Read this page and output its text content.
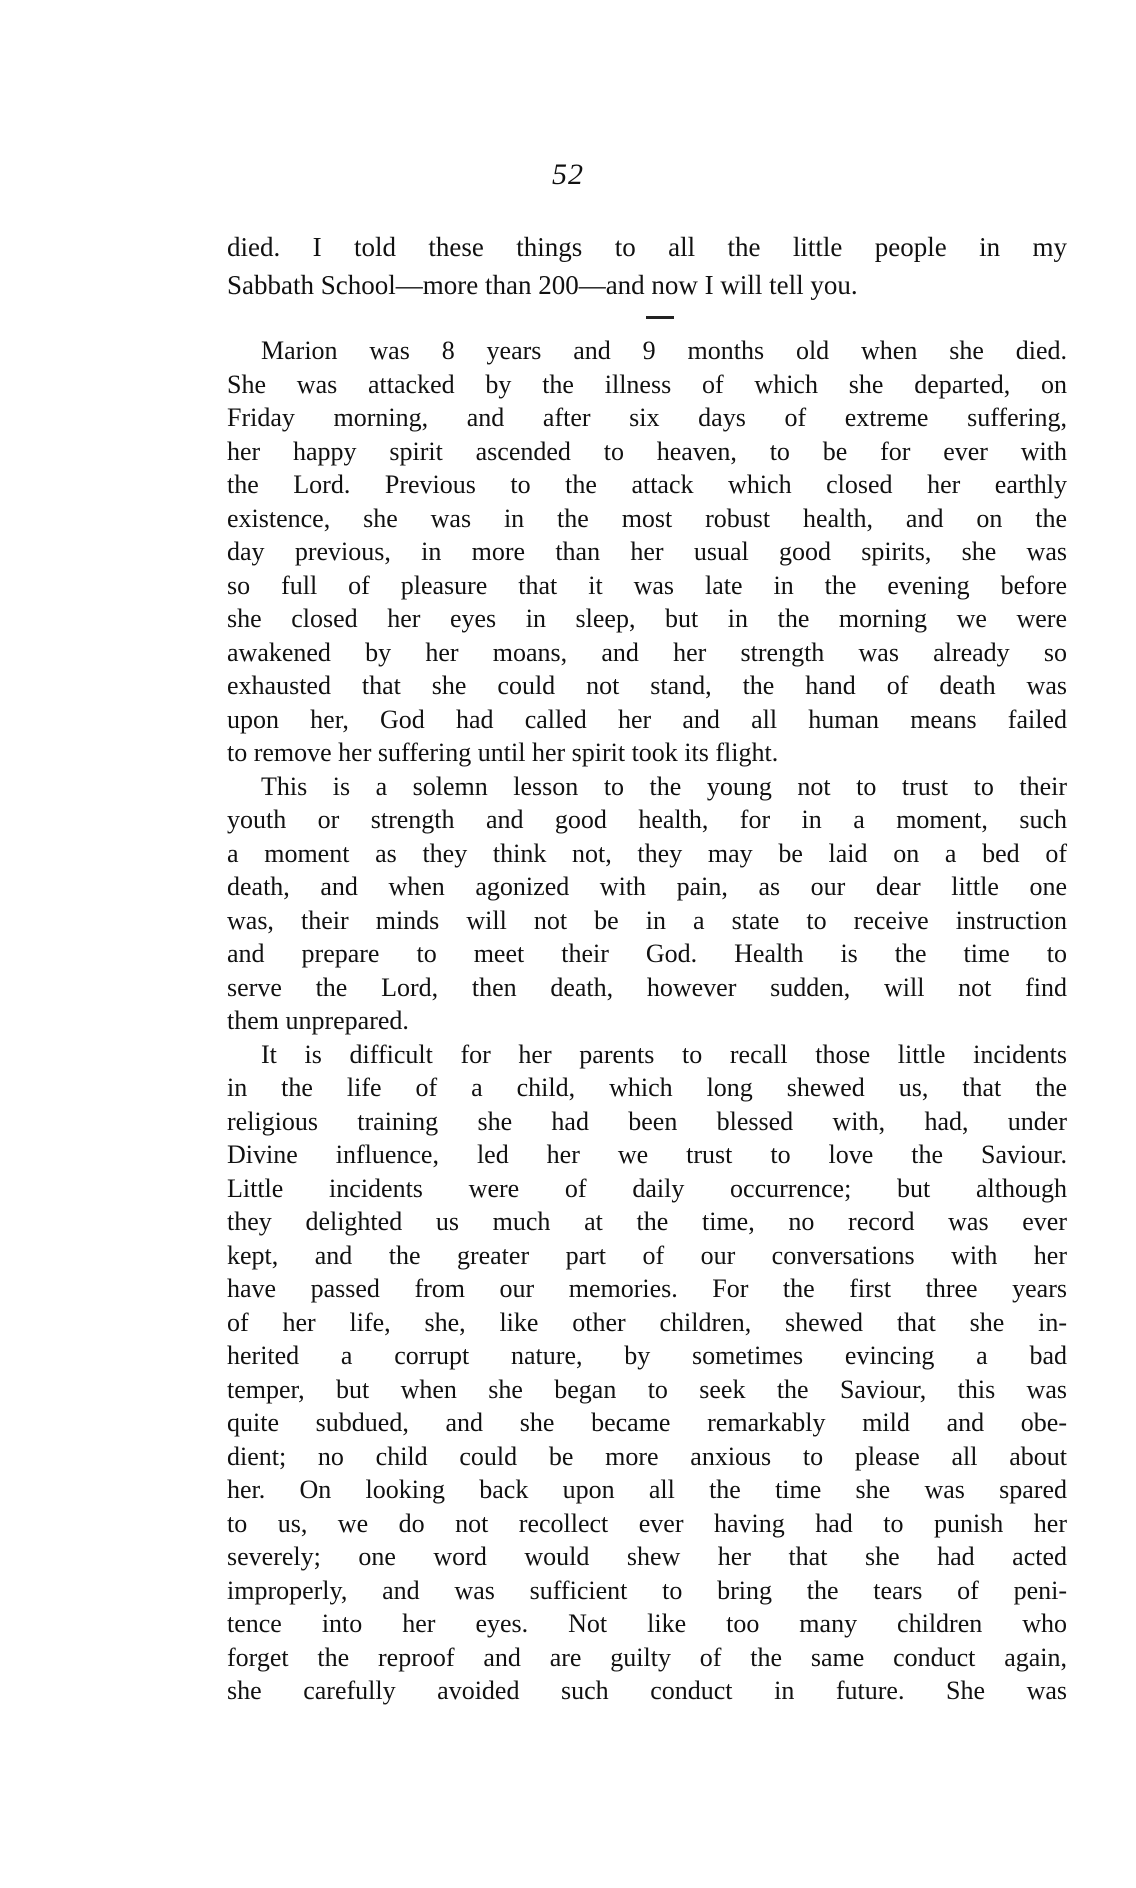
52
died. I told these things to all the little people in my
Sabbath School—more than 200—and now I will tell you.
Marion was 8 years and 9 months old when she died.
She was attacked by the illness of which she departed, on
Friday morning, and after six days of extreme suffering,
her happy spirit ascended to heaven, to be for ever with
the Lord. Previous to the attack which closed her earthly
existence, she was in the most robust health, and on the
day previous, in more than her usual good spirits, she was
so full of pleasure that it was late in the evening before
she closed her eyes in sleep, but in the morning we were
awakened by her moans, and her strength was already so
exhausted that she could not stand, the hand of death was
upon her, God had called her and all human means failed
to remove her suffering until her spirit took its flight.
This is a solemn lesson to the young not to trust to their
youth or strength and good health, for in a moment, such
a moment as they think not, they may be laid on a bed of
death, and when agonized with pain, as our dear little one
was, their minds will not be in a state to receive instruction
and prepare to meet their God. Health is the time to
serve the Lord, then death, however sudden, will not find
them unprepared.
It is difficult for her parents to recall those little incidents
in the life of a child, which long shewed us, that the
religious training she had been blessed with, had, under
Divine influence, led her we trust to love the Saviour.
Little incidents were of daily occurrence; but although
they delighted us much at the time, no record was ever
kept, and the greater part of our conversations with her
have passed from our memories. For the first three years
of her life, she, like other children, shewed that she in-
herited a corrupt nature, by sometimes evincing a bad
temper, but when she began to seek the Saviour, this was
quite subdued, and she became remarkably mild and obe-
dient; no child could be more anxious to please all about
her. On looking back upon all the time she was spared
to us, we do not recollect ever having had to punish her
severely; one word would shew her that she had acted
improperly, and was sufficient to bring the tears of peni-
tence into her eyes. Not like too many children who
forget the reproof and are guilty of the same conduct again,
she carefully avoided such conduct in future. She was
